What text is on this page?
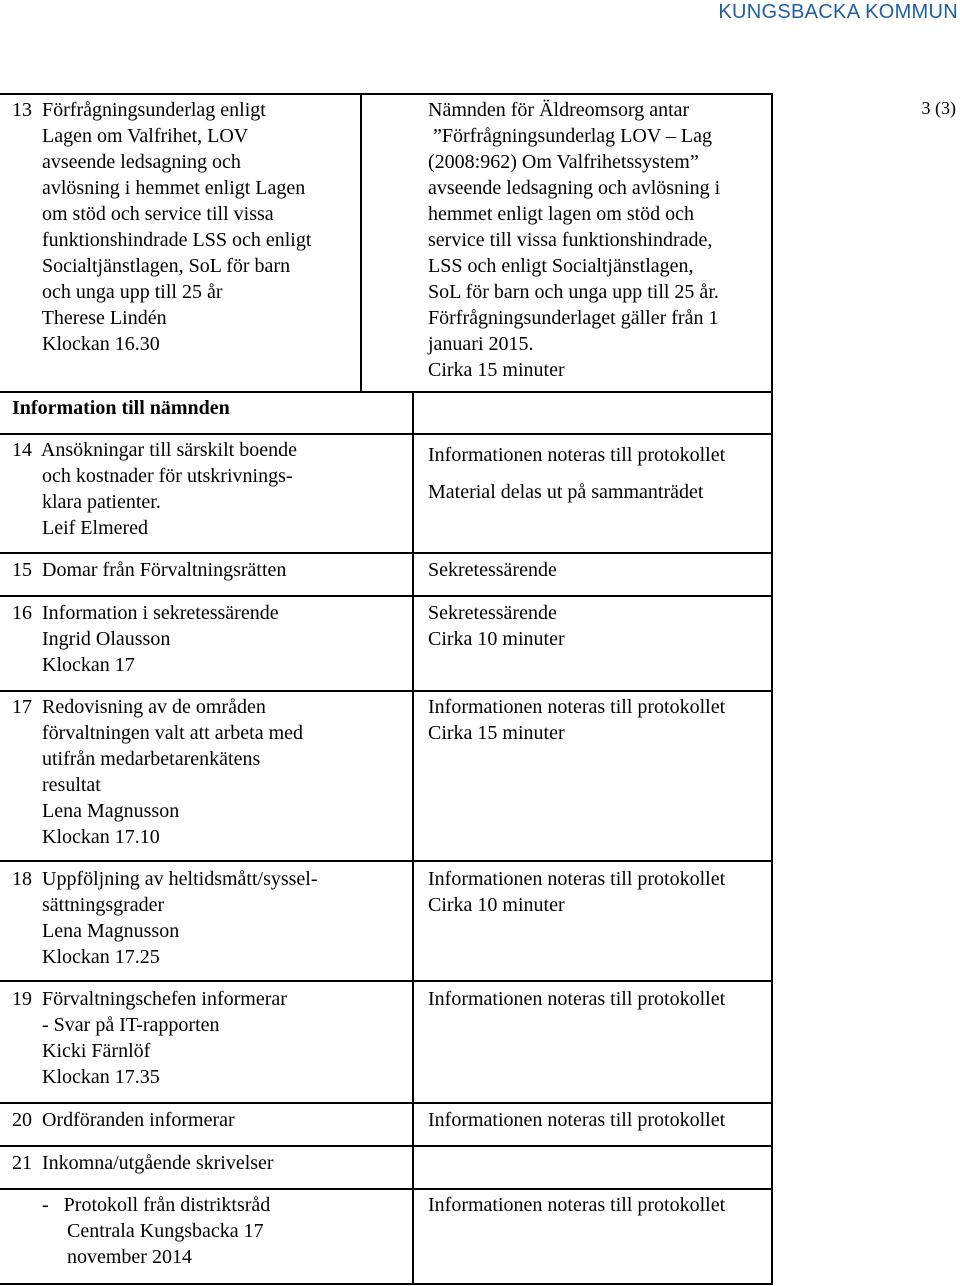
KUNGSBACKA KOMMUN
3 (3)
13  Förfrågningsunderlag enligt
Lagen om Valfrihet, LOV
avseende ledsagning och
avlösning i hemmet enligt Lagen
om stöd och service till vissa
funktionshindrade LSS och enligt
Socialtjänstlagen, SoL för barn
och unga upp till 25 år
Therese Lindén
Klockan 16.30
Nämnden för Äldreomsorg antar
”Förfrågningsunderlag LOV – Lag
(2008:962) Om Valfrihetssystem”
avseende ledsagning och avlösning i
hemmet enligt lagen om stöd och
service till vissa funktionshindrade,
LSS och enligt Socialtjänstlagen,
SoL för barn och unga upp till 25 år.
Förfrågningsunderlaget gäller från 1
januari 2015.
Cirka 15 minuter
Information till nämnden
14  Ansökningar till särskilt boende
och kostnader för utskrivnings-
klara patienter.
Leif Elmered
Informationen noteras till protokollet
Material delas ut på sammanträdet
15  Domar från Förvaltningsrätten	Sekretessärende
16  Information i sekretessärende
Ingrid Olausson
Klockan 17
Sekretessärende
Cirka 10 minuter
17  Redovisning av de områden
förvaltningen valt att arbeta med
utifrån medarbetarenkätens
resultat
Lena Magnusson
Klockan 17.10
Informationen noteras till protokollet
Cirka 15 minuter
18  Uppföljning av heltidsmått/syssel-
sättningsgrader
Lena Magnusson
Klockan 17.25
Informationen noteras till protokollet
Cirka 10 minuter
19  Förvaltningschefen informerar
- Svar på IT-rapporten
Kicki Färnlöf
Klockan 17.35
Informationen noteras till protokollet
20  Ordföranden informerar	Informationen noteras till protokollet
21  Inkomna/utgående skrivelser
-   Protokoll från distriktsråd
Centrala Kungsbacka 17
november 2014
Informationen noteras till protokollet
